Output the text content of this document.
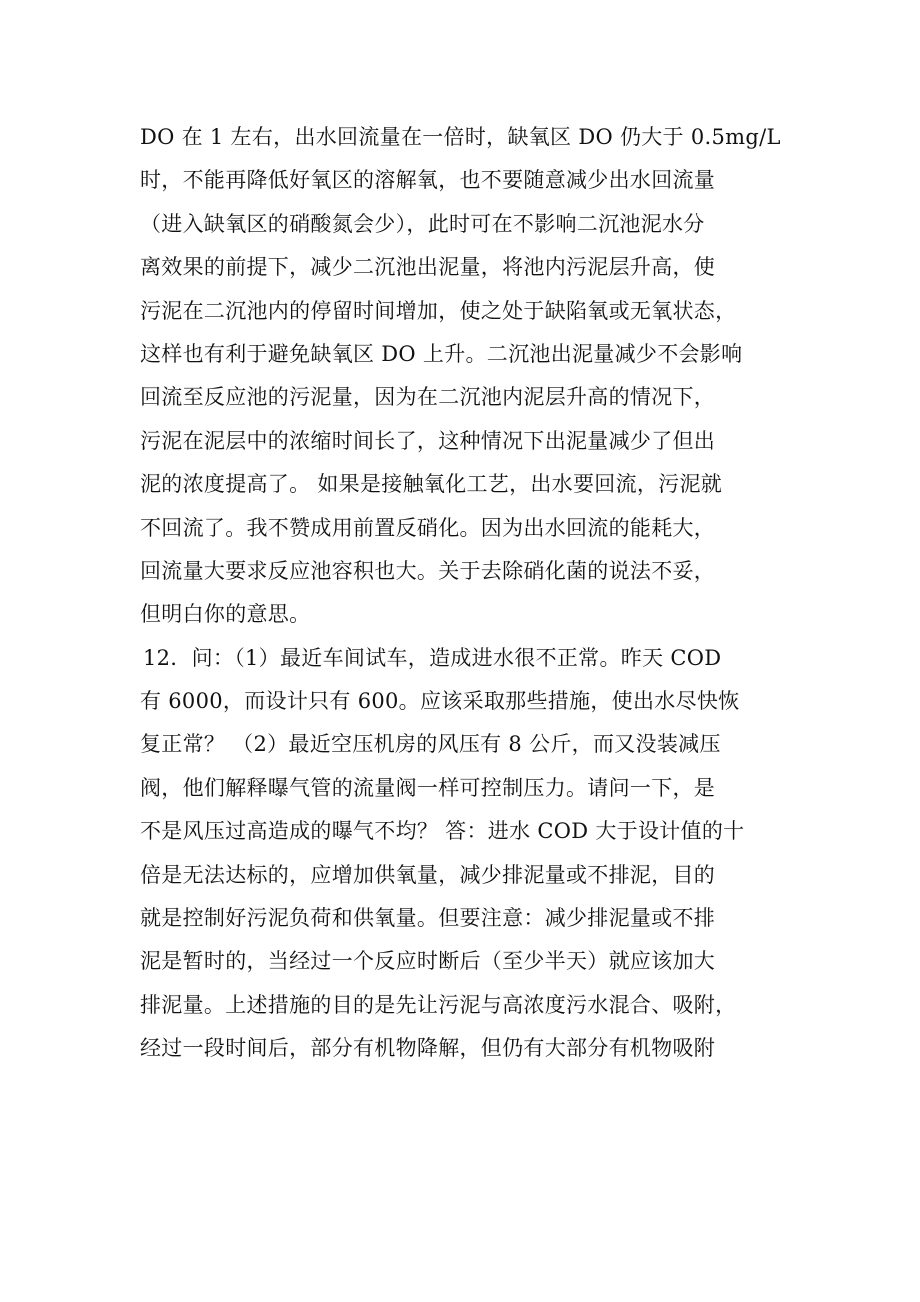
DO 在 1 左右，出水回流量在一倍时，缺氧区 DO 仍大于 0.5mg/L
时，不能再降低好氧区的溶解氧，也不要随意减少出水回流量
（进入缺氧区的硝酸氮会少），此时可在不影响二沉池泥水分
离效果的前提下，减少二沉池出泥量，将池内污泥层升高，使
污泥在二沉池内的停留时间增加，使之处于缺陷氧或无氧状态，
这样也有利于避免缺氧区 DO 上升。二沉池出泥量减少不会影响
回流至反应池的污泥量，因为在二沉池内泥层升高的情况下，
污泥在泥层中的浓缩时间长了，这种情况下出泥量减少了但出
泥的浓度提高了。 如果是接触氧化工艺，出水要回流，污泥就
不回流了。我不赞成用前置反硝化。因为出水回流的能耗大，
回流量大要求反应池容积也大。关于去除硝化菌的说法不妥，
但明白你的意思。
12．问：（1）最近车间试车，造成进水很不正常。昨天 COD
有 6000，而设计只有 600。应该采取那些措施，使出水尽快恢
复正常？ （2）最近空压机房的风压有 8 公斤，而又没装减压
阀，他们解释曝气管的流量阀一样可控制压力。请问一下，是
不是风压过高造成的曝气不均？ 答：进水 COD 大于设计值的十
倍是无法达标的，应增加供氧量，减少排泥量或不排泥，目的
就是控制好污泥负荷和供氧量。但要注意：减少排泥量或不排
泥是暂时的，当经过一个反应时断后（至少半天）就应该加大
排泥量。上述措施的目的是先让污泥与高浓度污水混合、吸附，
经过一段时间后，部分有机物降解，但仍有大部分有机物吸附
